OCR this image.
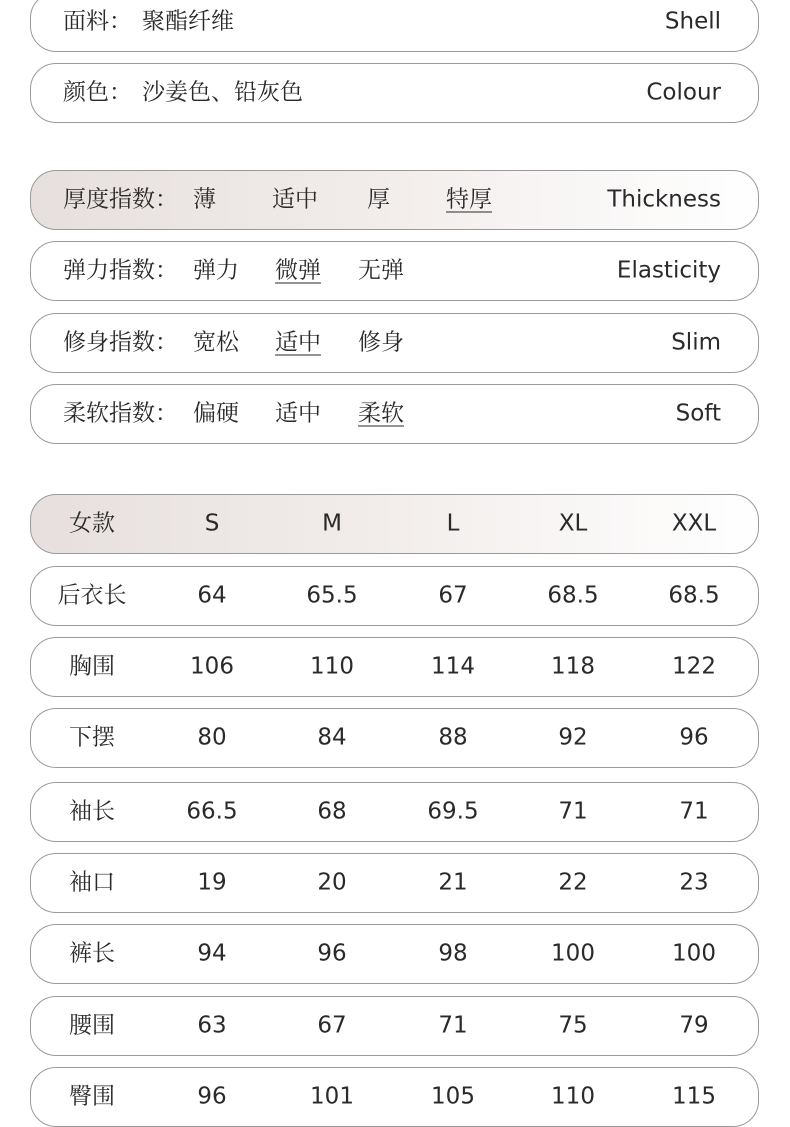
面料： 聚酯纤维	Shell
颜色： 沙姜色、铅灰色	Colour
厚度指数： 薄 适中 厚 特厚	Thickness
弹力指数： 弹力 微弹 无弹	Elasticity
修身指数： 宽松 适中 修身	Slim
柔软指数： 偏硬 适中 柔软	Soft
女款	S	M	L	XL	XXL
后衣长	64	65.5	67	68.5	68.5
胸围	106	110	114	118	122
下摆	80	84	88	92	96
袖长	66.5	68	69.5	71	71
袖口	19	20	21	22	23
裤长	94	96	98	100	100
腰围	63	67	71	75	79
臀围	96	101	105	110	115
